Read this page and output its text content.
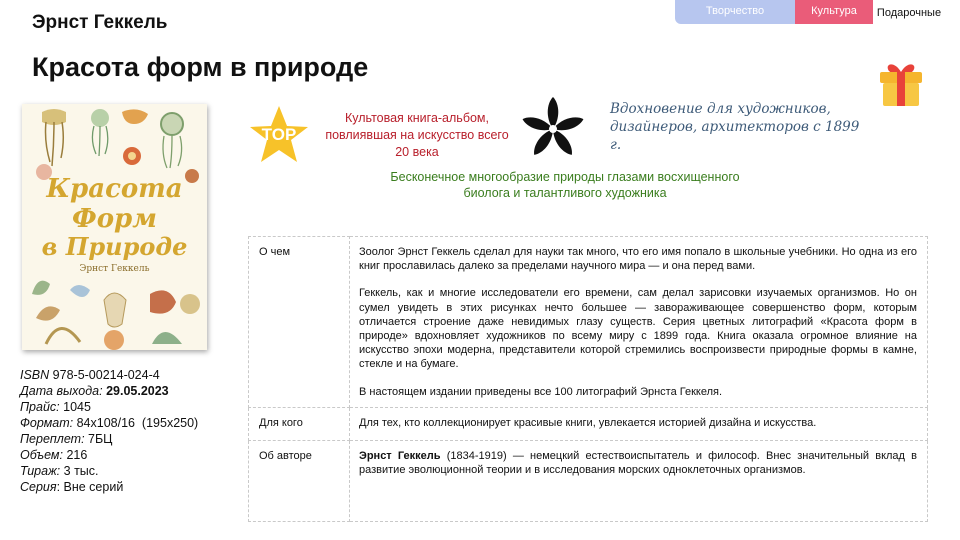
Эрнст Геккель
Красота форм в природе
Творчество	Культура	Подарочные
Красота
Форм
в Природе
Эрнст Геккель
ISBN 978-5-00214-024-4
Дата выхода: 29.05.2023
Прайс: 1045
Формат: 84х108/16  (195х250)
Переплет: 7БЦ
Объем: 216
Тираж: 3 тыс.
Серия: Вне серий
TOP
Культовая книга-альбом, повлиявшая на искусство всего 20 века
Вдохновение для художников, дизайнеров, архитекторов с 1899 г.
Бесконечное многообразие природы глазами восхищенного биолога и талантливого художника
О чем	Зоолог Эрнст Геккель сделал для науки так много, что его имя попало в школьные учебники. Но одна из его книг прославилась далеко за пределами научного мира — и она перед вами.

Геккель, как и многие исследователи его времени, сам делал зарисовки изучаемых организмов. Но он сумел увидеть в этих рисунках нечто большее — завораживающее совершенство форм, которым отличается строение даже невидимых глазу существ. Серия цветных литографий «Красота форм в природе» вдохновляет художников по всему миру с 1899 года. Книга оказала огромное влияние на искусство эпохи модерна, представители которой стремились воспроизвести природные формы в камне, стекле и на бумаге.

В настоящем издании приведены все 100 литографий Эрнста Геккеля.

Для кого	Для тех, кто коллекционирует красивые книги, увлекается историей дизайна и искусства.
Об авторе	Эрнст Геккель (1834-1919) — немецкий естествоиспытатель и философ. Внес значительный вклад в развитие эволюционной теории и в исследования морских одноклеточных организмов.
